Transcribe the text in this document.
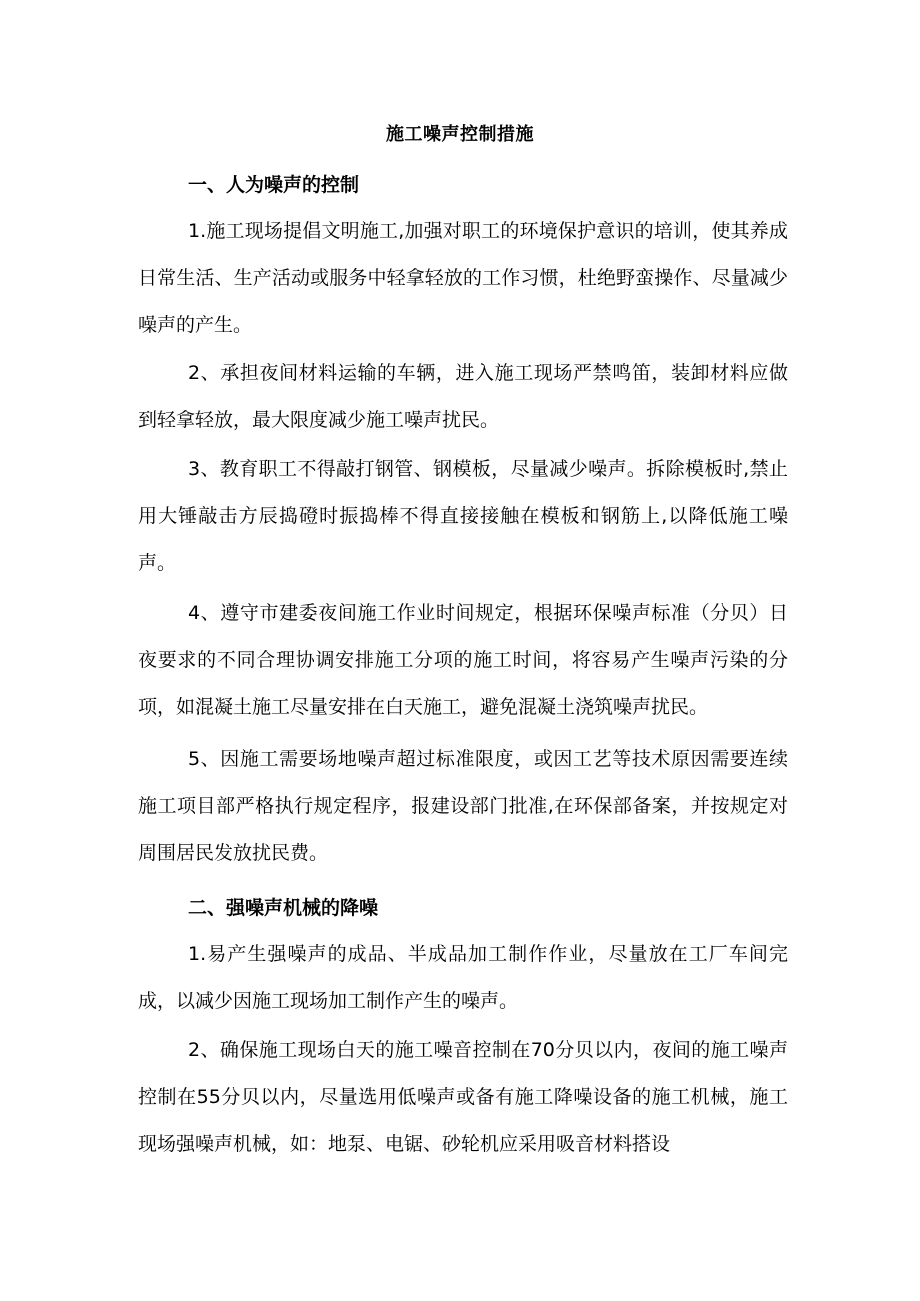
施工噪声控制措施
一、人为噪声的控制

1.施工现场提倡文明施工,加强对职工的环境保护意识的培训，使其养成日常生活、生产活动或服务中轻拿轻放的工作习惯，杜绝野蛮操作、尽量减少噪声的产生。

2、承担夜间材料运输的车辆，进入施工现场严禁鸣笛，装卸材料应做到轻拿轻放，最大限度减少施工噪声扰民。

3、教育职工不得敲打钢管、钢模板，尽量减少噪声。拆除模板时,禁止用大锤敲击方辰捣磴时振捣棒不得直接接触在模板和钢筋上,以降低施工噪声。

4、遵守市建委夜间施工作业时间规定，根据环保噪声标准（分贝）日夜要求的不同合理协调安排施工分项的施工时间，将容易产生噪声污染的分项，如混凝土施工尽量安排在白天施工，避免混凝土浇筑噪声扰民。

5、因施工需要场地噪声超过标准限度，或因工艺等技术原因需要连续施工项目部严格执行规定程序，报建设部门批准,在环保部备案，并按规定对周围居民发放扰民费。

二、强噪声机械的降噪

1.易产生强噪声的成品、半成品加工制作作业，尽量放在工厂车间完成，以减少因施工现场加工制作产生的噪声。

2、确保施工现场白天的施工噪音控制在70分贝以内，夜间的施工噪声控制在55分贝以内，尽量选用低噪声或备有施工降噪设备的施工机械，施工现场强噪声机械，如：地泵、电锯、砂轮机应采用吸音材料搭设
